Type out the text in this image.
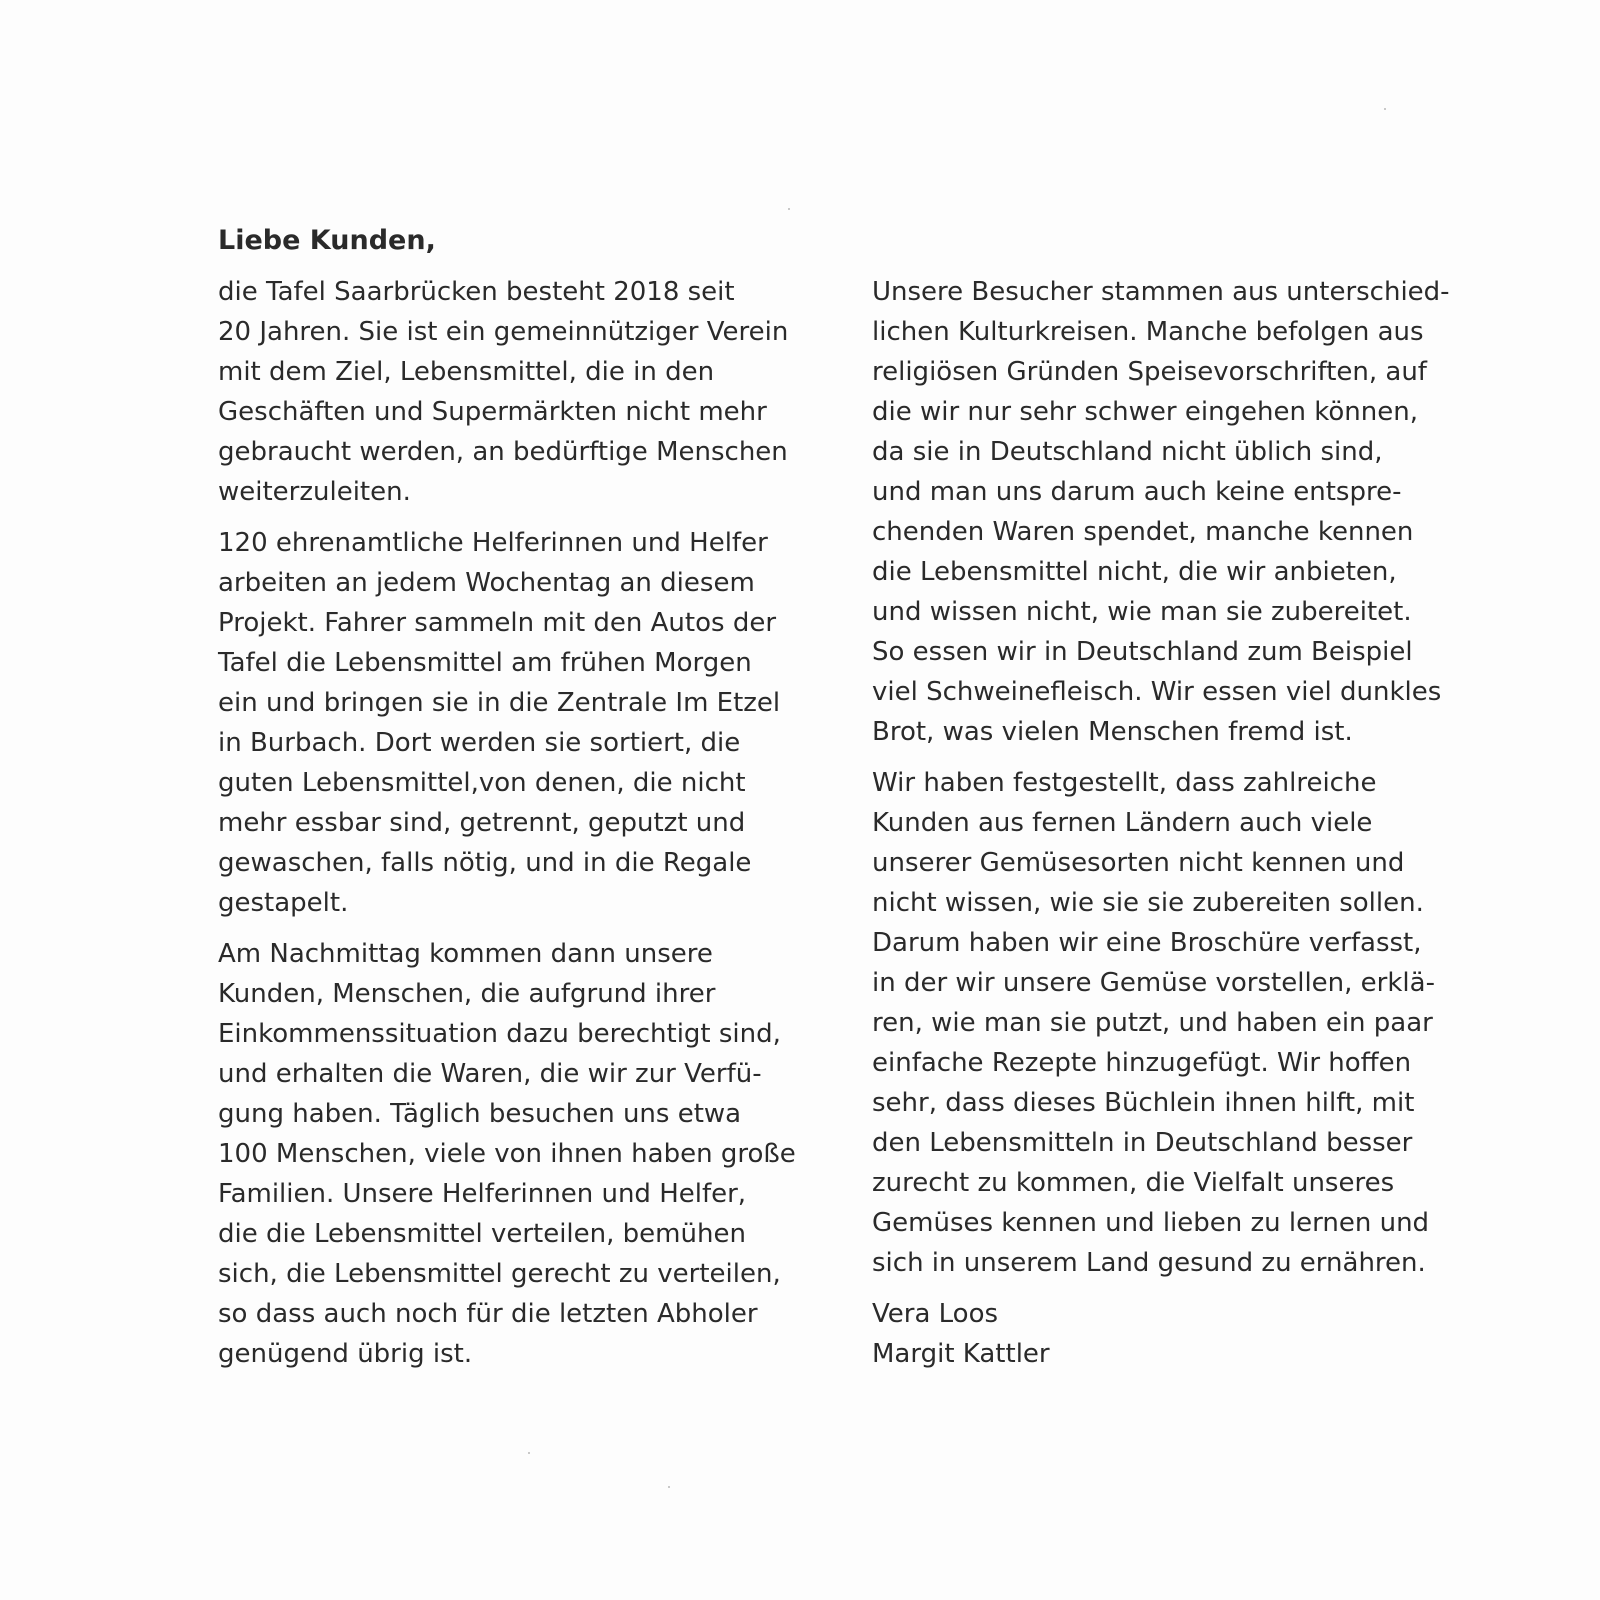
Liebe Kunden,

die Tafel Saarbrücken besteht 2018 seit
20 Jahren. Sie ist ein gemeinnütziger Verein
mit dem Ziel, Lebensmittel, die in den
Geschäften und Supermärkten nicht mehr
gebraucht werden, an bedürftige Menschen
weiterzuleiten.

120 ehrenamtliche Helferinnen und Helfer
arbeiten an jedem Wochentag an diesem
Projekt. Fahrer sammeln mit den Autos der
Tafel die Lebensmittel am frühen Morgen
ein und bringen sie in die Zentrale Im Etzel
in Burbach. Dort werden sie sortiert, die
guten Lebensmittel,von denen, die nicht
mehr essbar sind, getrennt, geputzt und
gewaschen, falls nötig, und in die Regale
gestapelt.

Am Nachmittag kommen dann unsere
Kunden, Menschen, die aufgrund ihrer
Einkommenssituation dazu berechtigt sind,
und erhalten die Waren, die wir zur Verfü-
gung haben. Täglich besuchen uns etwa
100 Menschen, viele von ihnen haben große
Familien. Unsere Helferinnen und Helfer,
die die Lebensmittel verteilen, bemühen
sich, die Lebensmittel gerecht zu verteilen,
so dass auch noch für die letzten Abholer
genügend übrig ist.

Unsere Besucher stammen aus unterschied-
lichen Kulturkreisen. Manche befolgen aus
religiösen Gründen Speisevorschriften, auf
die wir nur sehr schwer eingehen können,
da sie in Deutschland nicht üblich sind,
und man uns darum auch keine entspre-
chenden Waren spendet, manche kennen
die Lebensmittel nicht, die wir anbieten,
und wissen nicht, wie man sie zubereitet.
So essen wir in Deutschland zum Beispiel
viel Schweinefleisch. Wir essen viel dunkles
Brot, was vielen Menschen fremd ist.

Wir haben festgestellt, dass zahlreiche
Kunden aus fernen Ländern auch viele
unserer Gemüsesorten nicht kennen und
nicht wissen, wie sie sie zubereiten sollen.
Darum haben wir eine Broschüre verfasst,
in der wir unsere Gemüse vorstellen, erklä-
ren, wie man sie putzt, und haben ein paar
einfache Rezepte hinzugefügt. Wir hoffen
sehr, dass dieses Büchlein ihnen hilft, mit
den Lebensmitteln in Deutschland besser
zurecht zu kommen, die Vielfalt unseres
Gemüses kennen und lieben zu lernen und
sich in unserem Land gesund zu ernähren.

Vera Loos
Margit Kattler
